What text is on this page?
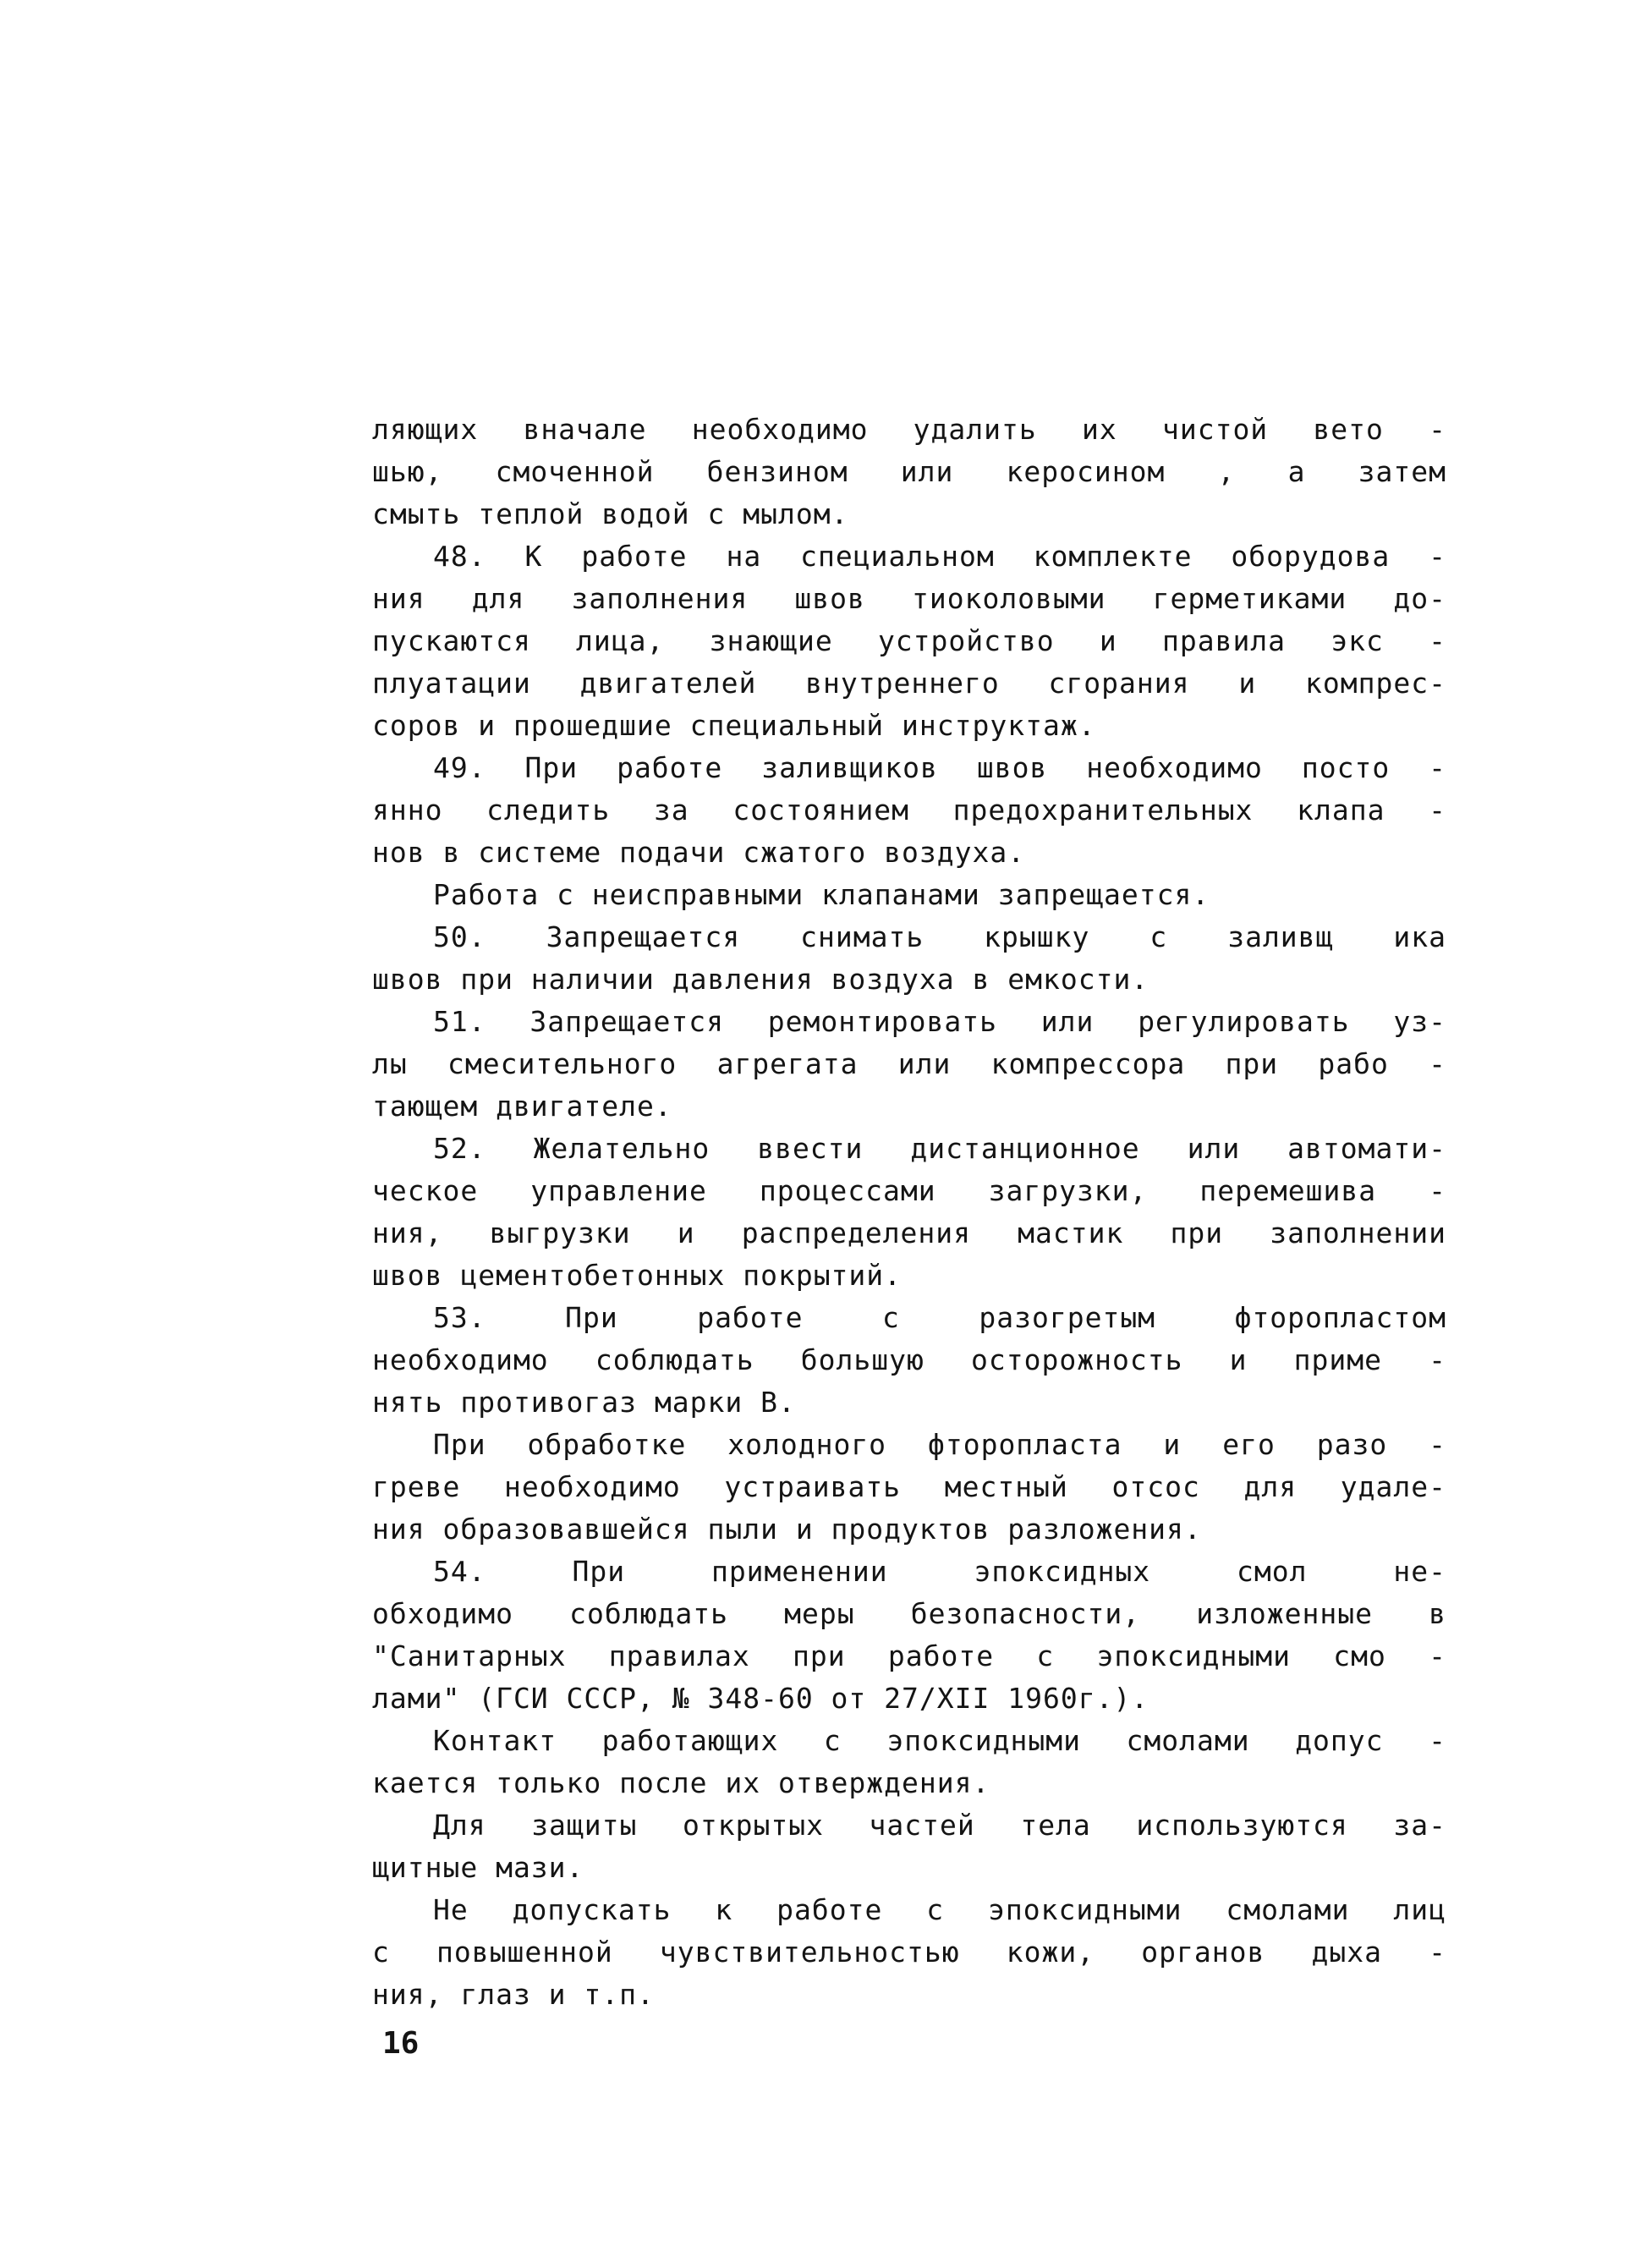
ляющих вначале необходимо удалить их чистой вето -
шью, смоченной бензином или керосином , а затем
смыть теплой водой с мылом.
48. К работе на специальном комплекте оборудова -
ния для заполнения швов тиоколовыми герметиками до-
пускаются лица, знающие устройство и правила экс -
плуатации двигателей внутреннего сгорания и компрес-
соров и прошедшие специальный инструктаж.
49. При работе заливщиков швов необходимо посто -
янно следить за состоянием предохранительных клапа -
нов в системе подачи сжатого воздуха.
Работа с неисправными клапанами запрещается.
50. Запрещается снимать крышку с заливщ ика
швов при наличии давления воздуха в емкости.
51. Запрещается ремонтировать или регулировать уз-
лы смесительного агрегата или компрессора при рабо -
тающем двигателе.
52. Желательно ввести дистанционное или автомати-
ческое управление процессами загрузки, перемешива -
ния, выгрузки и распределения мастик при заполнении
швов цементобетонных покрытий.
53. При работе с разогретым фторопластом
необходимо соблюдать большую осторожность и приме -
нять противогаз марки В.
При обработке холодного фторопласта и его разо -
греве необходимо устраивать местный отсос для удале-
ния образовавшейся пыли и продуктов разложения.
54. При применении эпоксидных смол не-
обходимо соблюдать меры безопасности, изложенные в
"Санитарных правилах при работе с эпоксидными смо -
лами" (ГСИ СССР, № 348-60 от 27/XII 1960г.).
Контакт работающих с эпоксидными смолами допус -
кается только после их отверждения.
Для защиты открытых частей тела используются за-
щитные мази.
Не допускать к работе с эпоксидными смолами лиц
с повышенной чувствительностью кожи, органов дыха -
ния, глаз и т.п.
16
